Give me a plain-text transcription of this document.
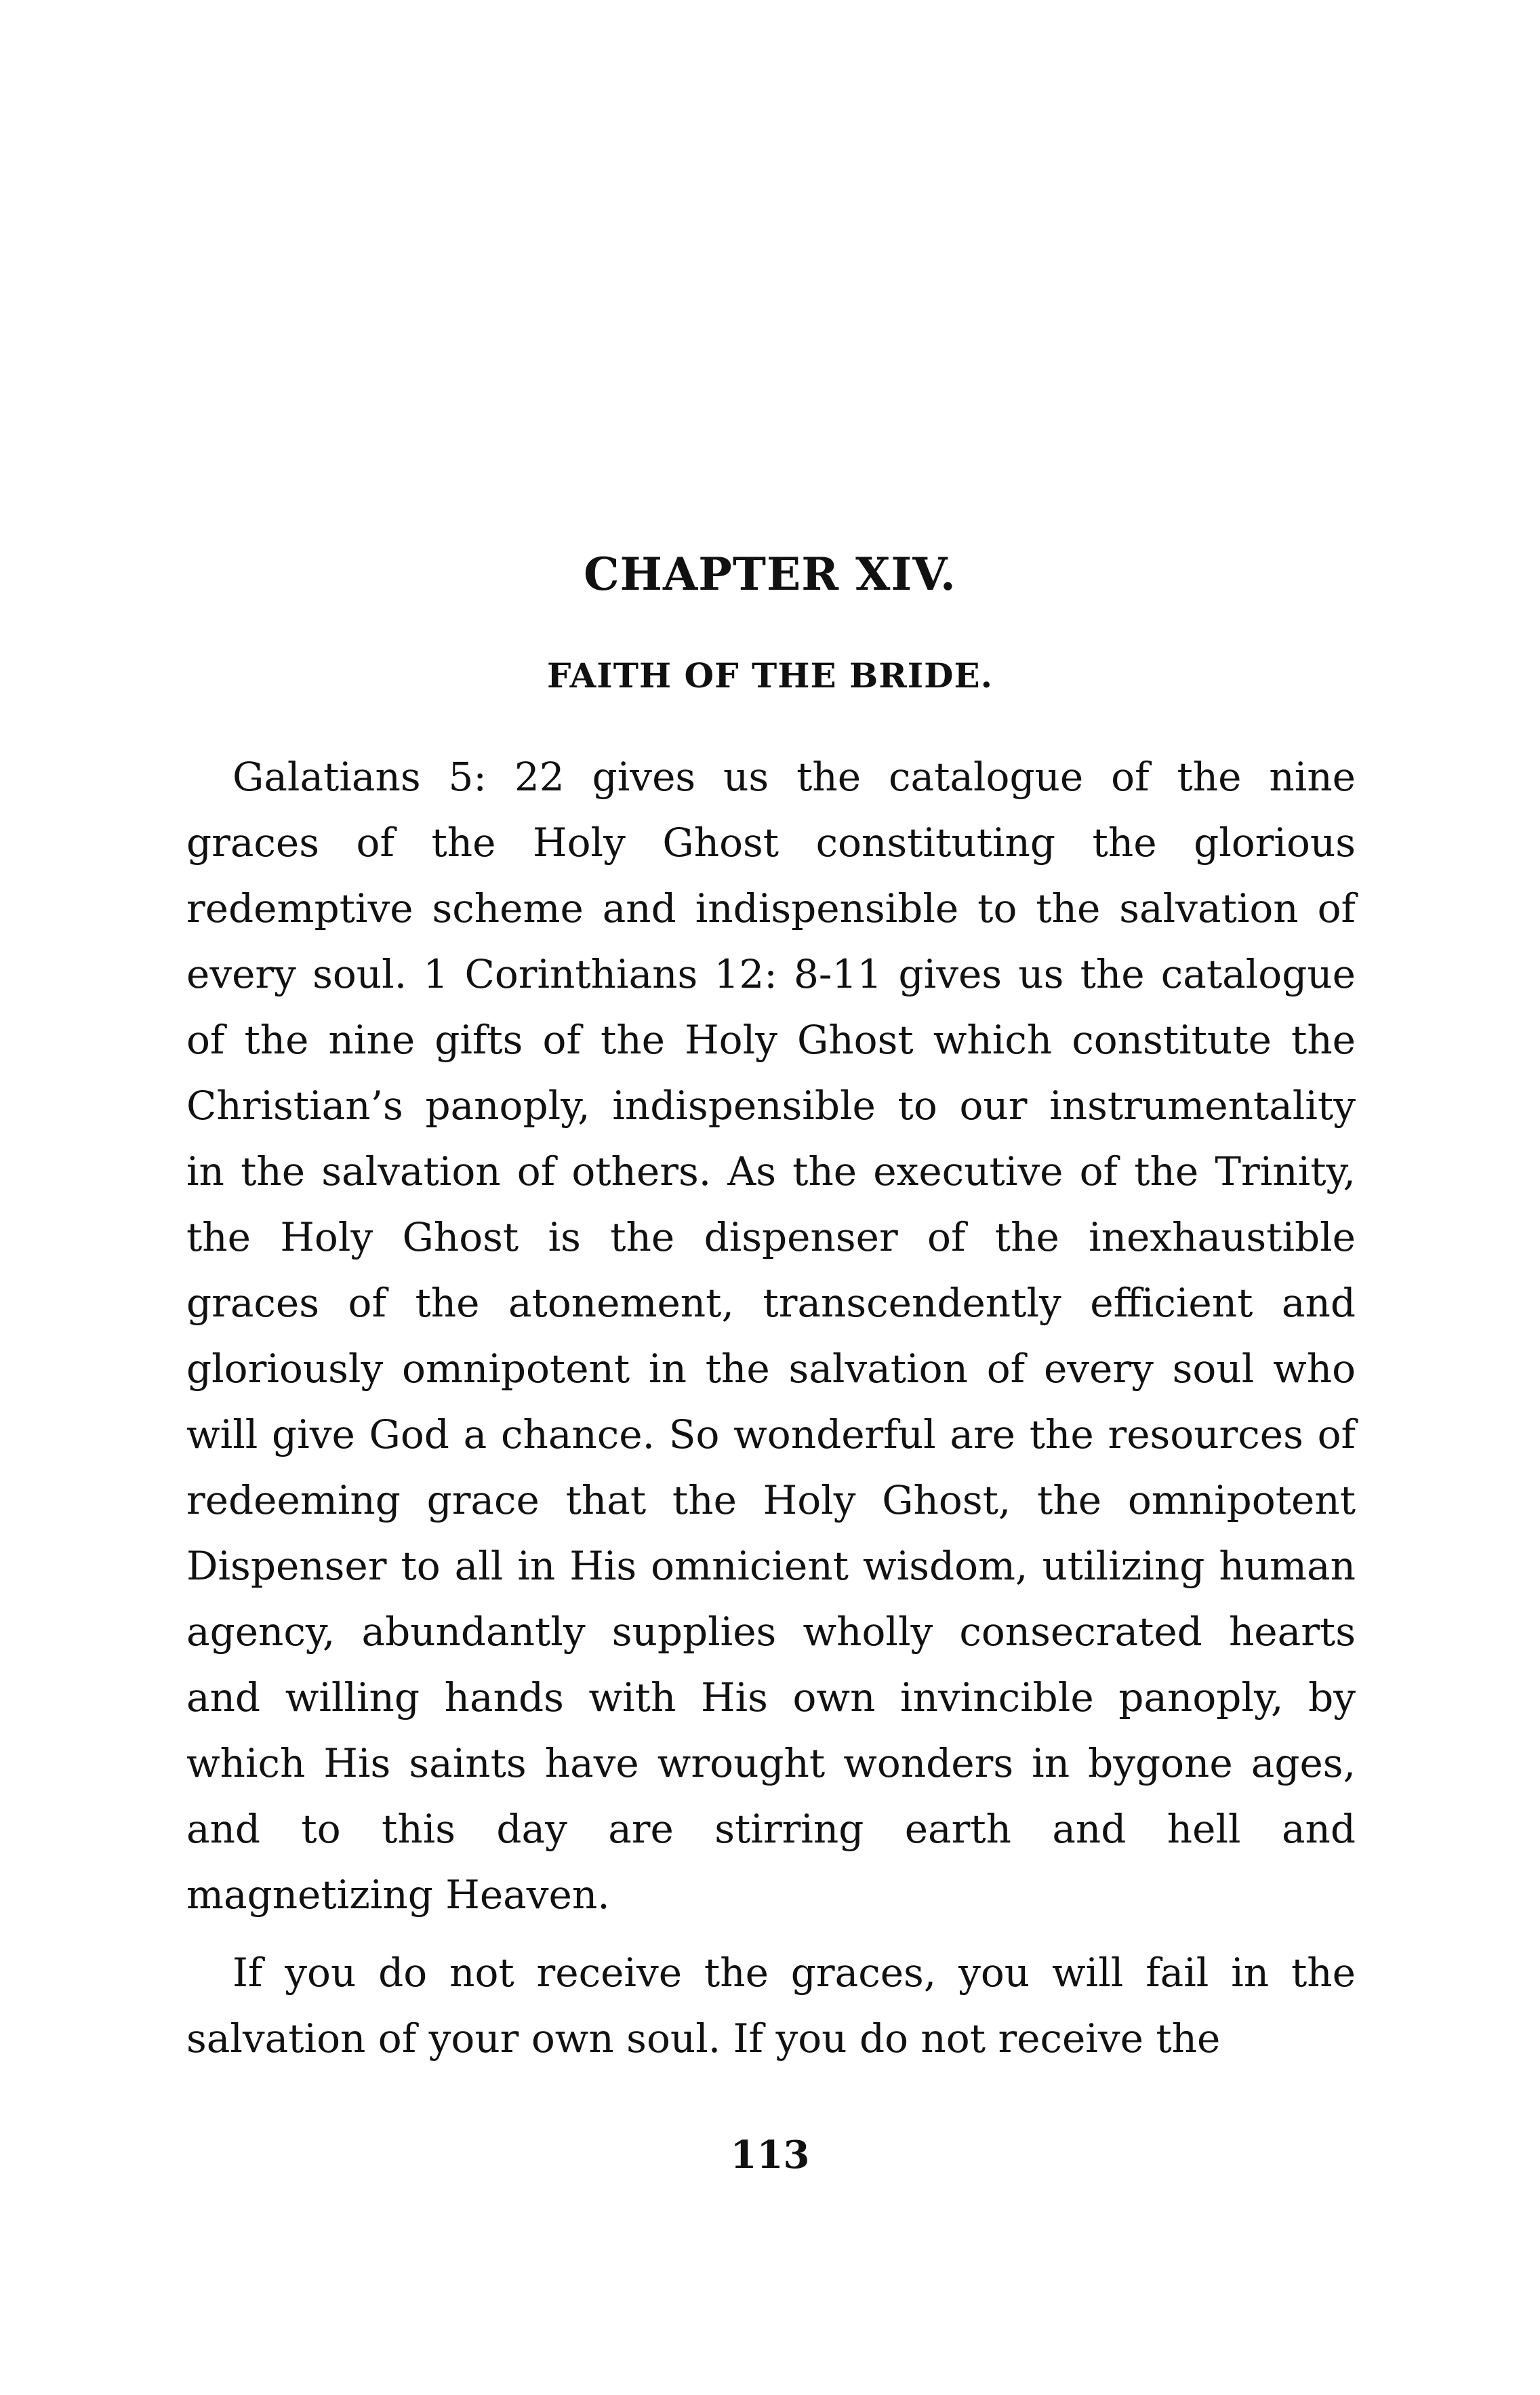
CHAPTER XIV.
FAITH OF THE BRIDE.

Galatians 5: 22 gives us the catalogue of the nine graces of the Holy Ghost constituting the glorious redemptive scheme and indispensible to the salvation of every soul. 1 Corinthians 12: 8-11 gives us the catalogue of the nine gifts of the Holy Ghost which constitute the Christian’s panoply, indispensible to our instrumentality in the salvation of others. As the executive of the Trinity, the Holy Ghost is the dispenser of the inexhaustible graces of the atonement, transcendently efficient and gloriously omnipotent in the salvation of every soul who will give God a chance. So wonderful are the resources of redeeming grace that the Holy Ghost, the omnipotent Dispenser to all in His omnicient wisdom, utilizing human agency, abundantly supplies wholly consecrated hearts and willing hands with His own invincible panoply, by which His saints have wrought wonders in bygone ages, and to this day are stirring earth and hell and magnetizing Heaven.

If you do not receive the graces, you will fail in the salvation of your own soul. If you do not receive the

113
